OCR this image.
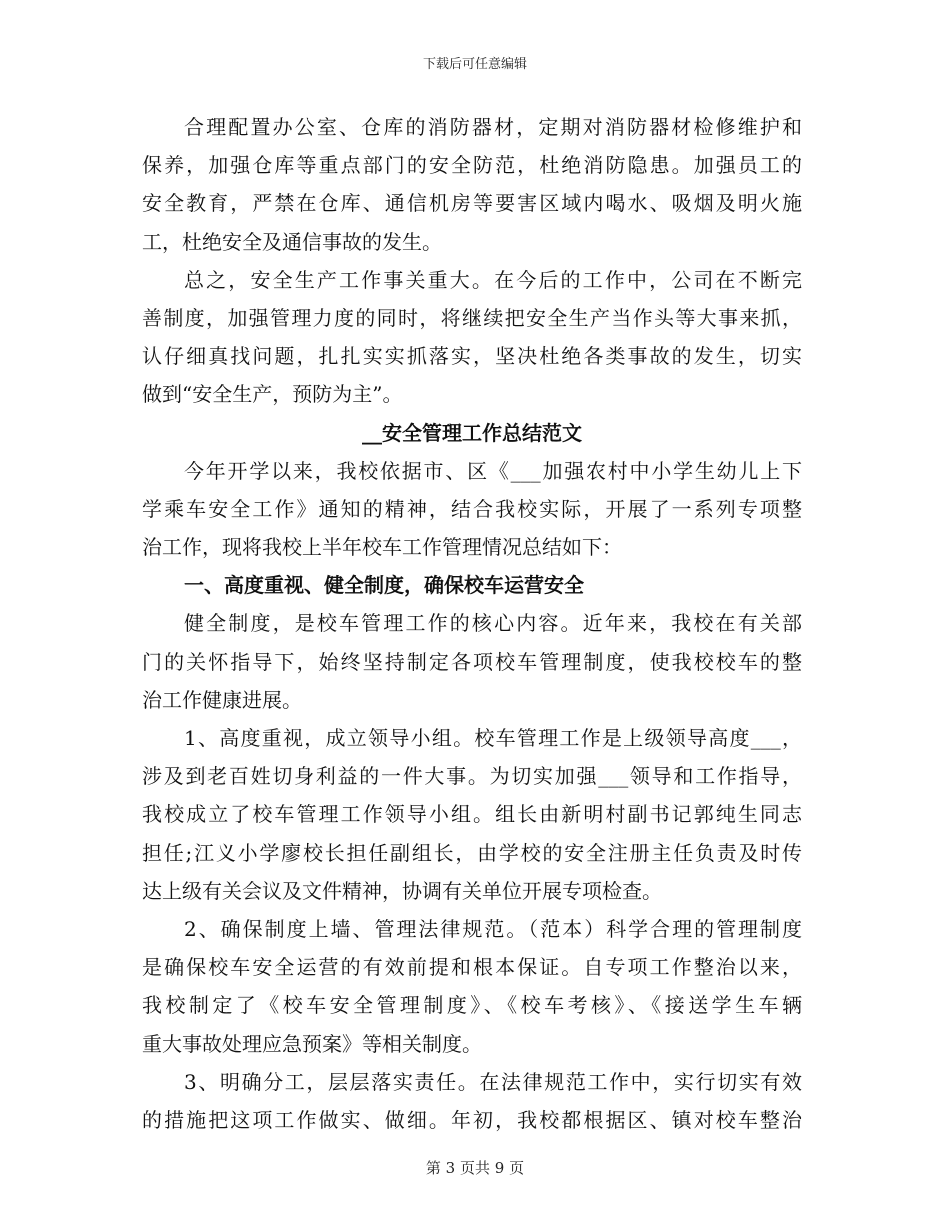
下载后可任意编辑
合理配置办公室、仓库的消防器材，定期对消防器材检修维护和
保养，加强仓库等重点部门的安全防范，杜绝消防隐患。加强员工的
安全教育，严禁在仓库、通信机房等要害区域内喝水、吸烟及明火施
工，杜绝安全及通信事故的发生。
总之，安全生产工作事关重大。在今后的工作中，公司在不断完
善制度，加强管理力度的同时，将继续把安全生产当作头等大事来抓，
认仔细真找问题，扎扎实实抓落实，坚决杜绝各类事故的发生，切实
做到“安全生产，预防为主”。
__安全管理工作总结范文
今年开学以来，我校依据市、区《___加强农村中小学生幼儿上下
学乘车安全工作》通知的精神，结合我校实际，开展了一系列专项整
治工作，现将我校上半年校车工作管理情况总结如下：
一、高度重视、健全制度，确保校车运营安全
健全制度，是校车管理工作的核心内容。近年来，我校在有关部
门的关怀指导下，始终坚持制定各项校车管理制度，使我校校车的整
治工作健康进展。
1、高度重视，成立领导小组。校车管理工作是上级领导高度___，
涉及到老百姓切身利益的一件大事。为切实加强___领导和工作指导，
我校成立了校车管理工作领导小组。组长由新明村副书记郭纯生同志
担任;江义小学廖校长担任副组长，由学校的安全注册主任负责及时传
达上级有关会议及文件精神，协调有关单位开展专项检查。
2、确保制度上墙、管理法律规范。（范本）科学合理的管理制度
是确保校车安全运营的有效前提和根本保证。自专项工作整治以来，
我校制定了《校车安全管理制度》、《校车考核》、《接送学生车辆
重大事故处理应急预案》等相关制度。
3、明确分工，层层落实责任。在法律规范工作中，实行切实有效
的措施把这项工作做实、做细。年初，我校都根据区、镇对校车整治
第 3 页共 9 页
